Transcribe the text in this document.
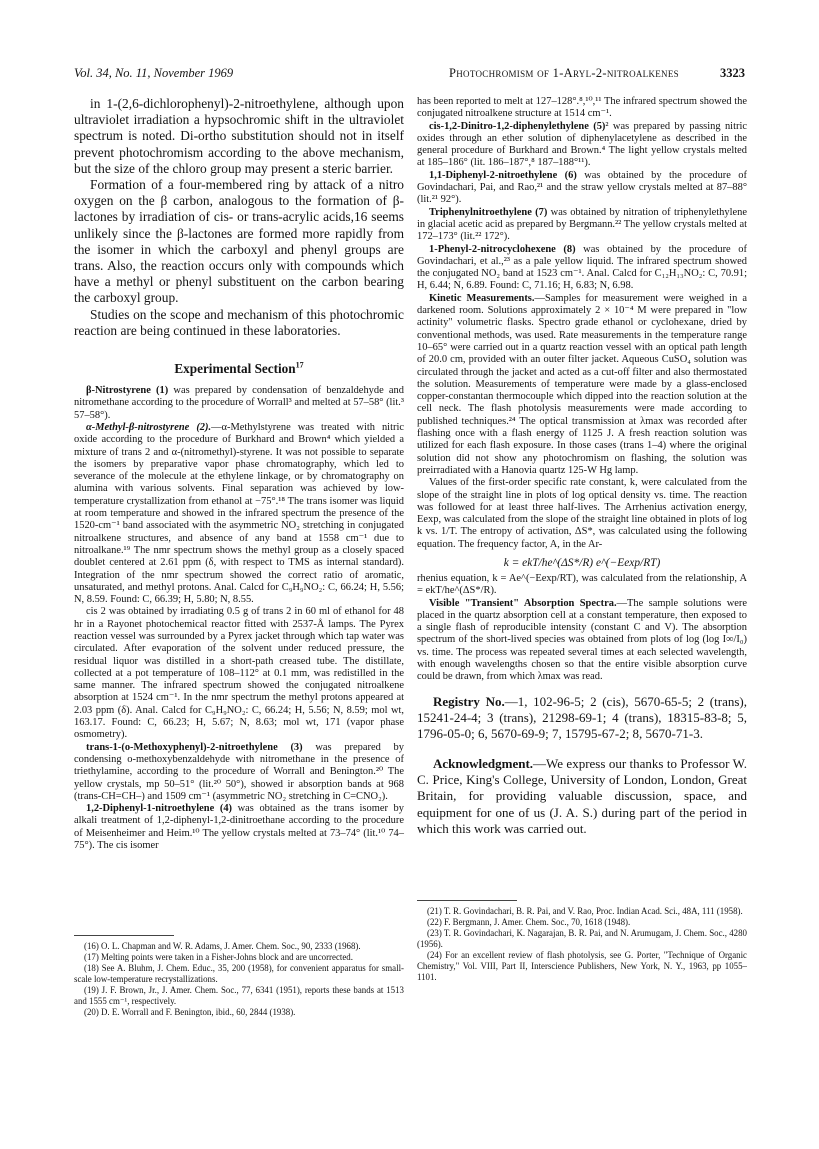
Vol. 34, No. 11, November 1969	Photochromism of 1-Aryl-2-nitroalkenes	3323

in 1-(2,6-dichlorophenyl)-2-nitroethylene, although upon ultraviolet irradiation a hypsochromic shift in the ultraviolet spectrum is noted. Di-ortho substitution should not in itself prevent photochromism according to the above mechanism, but the size of the chloro group may present a steric barrier.

Formation of a four-membered ring by attack of a nitro oxygen on the β carbon, analogous to the formation of β-lactones by irradiation of cis- or trans-acrylic acids,16 seems unlikely since the β-lactones are formed more rapidly from the isomer in which the carboxyl and phenyl groups are trans. Also, the reaction occurs only with compounds which have a methyl or phenyl substituent on the carbon bearing the carboxyl group.

Studies on the scope and mechanism of this photochromic reaction are being continued in these laboratories.

Experimental Section$^{17}$

β-Nitrostyrene (1) was prepared by condensation of benzaldehyde and nitromethane according to the procedure of Worrall³ and melted at 57–58° (lit.³ 57–58°).

α-Methyl-β-nitrostyrene (2).—α-Methylstyrene was treated with nitric oxide according to the procedure of Burkhard and Brown⁴ which yielded a mixture of trans 2 and α-(nitromethyl)-styrene. It was not possible to separate the isomers by preparative vapor phase chromatography, which led to severance of the molecule at the ethylene linkage, or by chromatography on alumina with various solvents. Final separation was achieved by low-temperature crystallization from ethanol at −75°.¹⁸ The trans isomer was liquid at room temperature and showed in the infrared spectrum the presence of the 1520-cm⁻¹ band associated with the asymmetric NO₂ stretching in conjugated nitroalkene structures, and absence of any band at 1558 cm⁻¹ due to nitroalkane.¹⁹ The nmr spectrum shows the methyl group as a closely spaced doublet centered at 2.61 ppm (δ, with respect to TMS as internal standard). Integration of the nmr spectrum showed the correct ratio of aromatic, unsaturated, and methyl protons. Anal. Calcd for C₉H₉NO₂: C, 66.24; H, 5.56; N, 8.59. Found: C, 66.39; H, 5.80; N, 8.55.

cis 2 was obtained by irradiating 0.5 g of trans 2 in 60 ml of ethanol for 48 hr in a Rayonet photochemical reactor fitted with 2537-Å lamps. The Pyrex reaction vessel was surrounded by a Pyrex jacket through which tap water was circulated. After evaporation of the solvent under reduced pressure, the residual liquor was distilled in a short-path creased tube. The distillate, collected at a pot temperature of 108–112° at 0.1 mm, was redistilled in the same manner. The infrared spectrum showed the conjugated nitroalkene absorption at 1524 cm⁻¹. In the nmr spectrum the methyl protons appeared at 2.03 ppm (δ). Anal. Calcd for C₉H₉NO₂: C, 66.24; H, 5.56; N, 8.59; mol wt, 163.17. Found: C, 66.23; H, 5.67; N, 8.63; mol wt, 171 (vapor phase osmometry).

trans-1-(o-Methoxyphenyl)-2-nitroethylene (3) was prepared by condensing o-methoxybenzaldehyde with nitromethane in the presence of triethylamine, according to the procedure of Worrall and Benington.²⁰ The yellow crystals, mp 50–51° (lit.²⁰ 50°), showed ir absorption bands at 968 (trans-CH=CH–) and 1509 cm⁻¹ (asymmetric NO₂ stretching in C=CNO₂).

1,2-Diphenyl-1-nitroethylene (4) was obtained as the trans isomer by alkali treatment of 1,2-diphenyl-1,2-dinitroethane according to the procedure of Meisenheimer and Heim.¹⁰ The yellow crystals melted at 73–74° (lit.¹⁰ 74–75°). The cis isomer

(16) O. L. Chapman and W. R. Adams, J. Amer. Chem. Soc., 90, 2333 (1968).

(17) Melting points were taken in a Fisher-Johns block and are uncorrected.

(18) See A. Bluhm, J. Chem. Educ., 35, 200 (1958), for convenient apparatus for small-scale low-temperature recrystallizations.

(19) J. F. Brown, Jr., J. Amer. Chem. Soc., 77, 6341 (1951), reports these bands at 1513 and 1555 cm⁻¹, respectively.

(20) D. E. Worrall and F. Benington, ibid., 60, 2844 (1938).

has been reported to melt at 127–128°.⁸,¹⁰,¹¹ The infrared spectrum showed the conjugated nitroalkene structure at 1514 cm⁻¹.

cis-1,2-Dinitro-1,2-diphenylethylene (5)² was prepared by passing nitric oxides through an ether solution of diphenylacetylene as described in the general procedure of Burkhard and Brown.⁴ The light yellow crystals melted at 185–186° (lit. 186–187°,⁸ 187–188°¹¹).

1,1-Diphenyl-2-nitroethylene (6) was obtained by the procedure of Govindachari, Pai, and Rao,²¹ and the straw yellow crystals melted at 87–88° (lit.²¹ 92°).

Triphenylnitroethylene (7) was obtained by nitration of triphenylethylene in glacial acetic acid as prepared by Bergmann.²² The yellow crystals melted at 172–173° (lit.²² 172°).

1-Phenyl-2-nitrocyclohexene (8) was obtained by the procedure of Govindachari, et al.,²³ as a pale yellow liquid. The infrared spectrum showed the conjugated NO₂ band at 1523 cm⁻¹. Anal. Calcd for C₁₂H₁₃NO₂: C, 70.91; H, 6.44; N, 6.89. Found: C, 71.16; H, 6.83; N, 6.98.

Kinetic Measurements.—Samples for measurement were weighed in a darkened room. Solutions approximately 2 × 10⁻⁴ M were prepared in "low actinity" volumetric flasks. Spectro grade ethanol or cyclohexane, dried by conventional methods, was used. Rate measurements in the temperature range 10–65° were carried out in a quartz reaction vessel with an optical path length of 20.0 cm, provided with an outer filter jacket. Aqueous CuSO₄ solution was circulated through the jacket and acted as a cut-off filter and also thermostated the solution. Measurements of temperature were made by a glass-enclosed copper-constantan thermocouple which dipped into the reaction solution at the cell neck. The flash photolysis measurements were made according to published techniques.²⁴ The optical transmission at λmax was recorded after flashing once with a flash energy of 1125 J. A fresh reaction solution was utilized for each flash exposure. In those cases (trans 1–4) where the original solution did not show any photochromism on flashing, the solution was preirradiated with a Hanovia quartz 125-W Hg lamp.

Values of the first-order specific rate constant, k, were calculated from the slope of the straight line in plots of log optical density vs. time. The reaction was followed for at least three half-lives. The Arrhenius activation energy, Eexp, was calculated from the slope of the straight line obtained in plots of log k vs. 1/T. The entropy of activation, ΔS*, was calculated using the following equation. The frequency factor, A, in the Ar-

k = ekT/he^(ΔS*/R) e^(−Eexp/RT)

rhenius equation, k = Ae^(−Eexp/RT), was calculated from the relationship, A = ekT/he^(ΔS*/R).

Visible "Transient" Absorption Spectra.—The sample solutions were placed in the quartz absorption cell at a constant temperature, then exposed to a single flash of reproducible intensity (constant C and V). The absorption spectrum of the short-lived species was obtained from plots of log (log I∞/I₀) vs. time. The process was repeated several times at each selected wavelength, with enough wavelengths chosen so that the entire visible absorption curve could be drawn, from which λmax was read.

Registry No.—1, 102-96-5; 2 (cis), 5670-65-5; 2 (trans), 15241-24-4; 3 (trans), 21298-69-1; 4 (trans), 18315-83-8; 5, 1796-05-0; 6, 5670-69-9; 7, 15795-67-2; 8, 5670-71-3.

Acknowledgment.—We express our thanks to Professor W. C. Price, King's College, University of London, London, Great Britain, for providing valuable discussion, space, and equipment for one of us (J. A. S.) during part of the period in which this work was carried out.

(21) T. R. Govindachari, B. R. Pai, and V. Rao, Proc. Indian Acad. Sci., 48A, 111 (1958).

(22) F. Bergmann, J. Amer. Chem. Soc., 70, 1618 (1948).

(23) T. R. Govindachari, K. Nagarajan, B. R. Pai, and N. Arumugam, J. Chem. Soc., 4280 (1956).

(24) For an excellent review of flash photolysis, see G. Porter, "Technique of Organic Chemistry," Vol. VIII, Part II, Interscience Publishers, New York, N. Y., 1963, pp 1055–1101.
